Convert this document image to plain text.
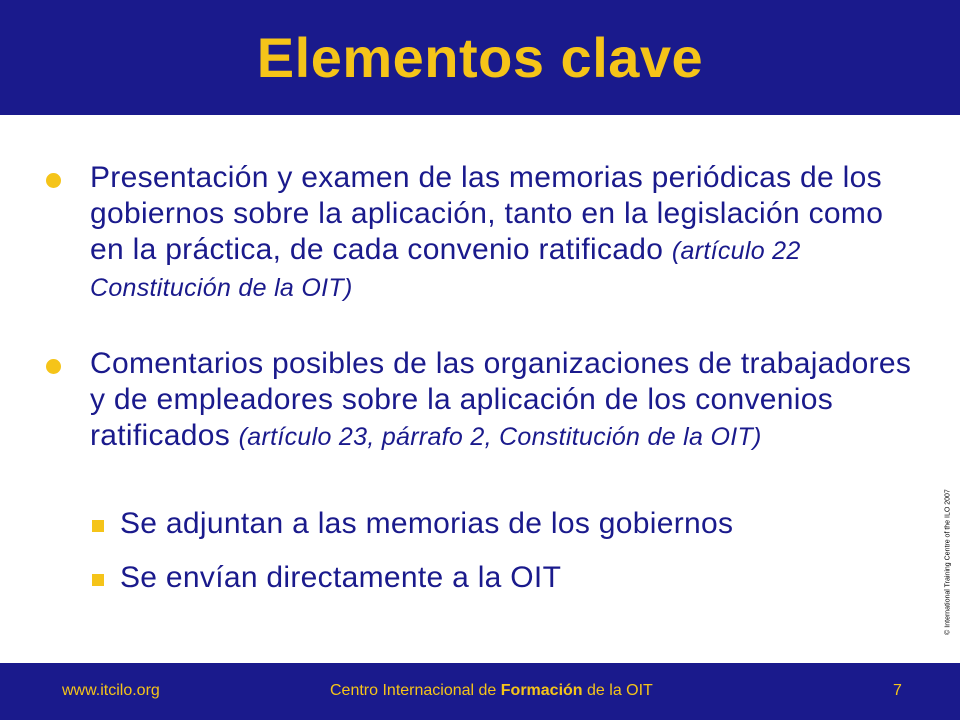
Elementos clave
Presentación y examen de las memorias periódicas de los gobiernos sobre la aplicación, tanto en la legislación como en la práctica, de cada convenio ratificado (artículo 22 Constitución de la OIT)
Comentarios posibles de las organizaciones de trabajadores y de empleadores sobre la aplicación de los convenios ratificados (artículo 23, párrafo 2, Constitución de la OIT)
Se adjuntan a las memorias de los gobiernos
Se envían directamente a la OIT	© International Training Centre of the ILO 2007
www.itcilo.org	Centro Internacional de Formación de la OIT	7
